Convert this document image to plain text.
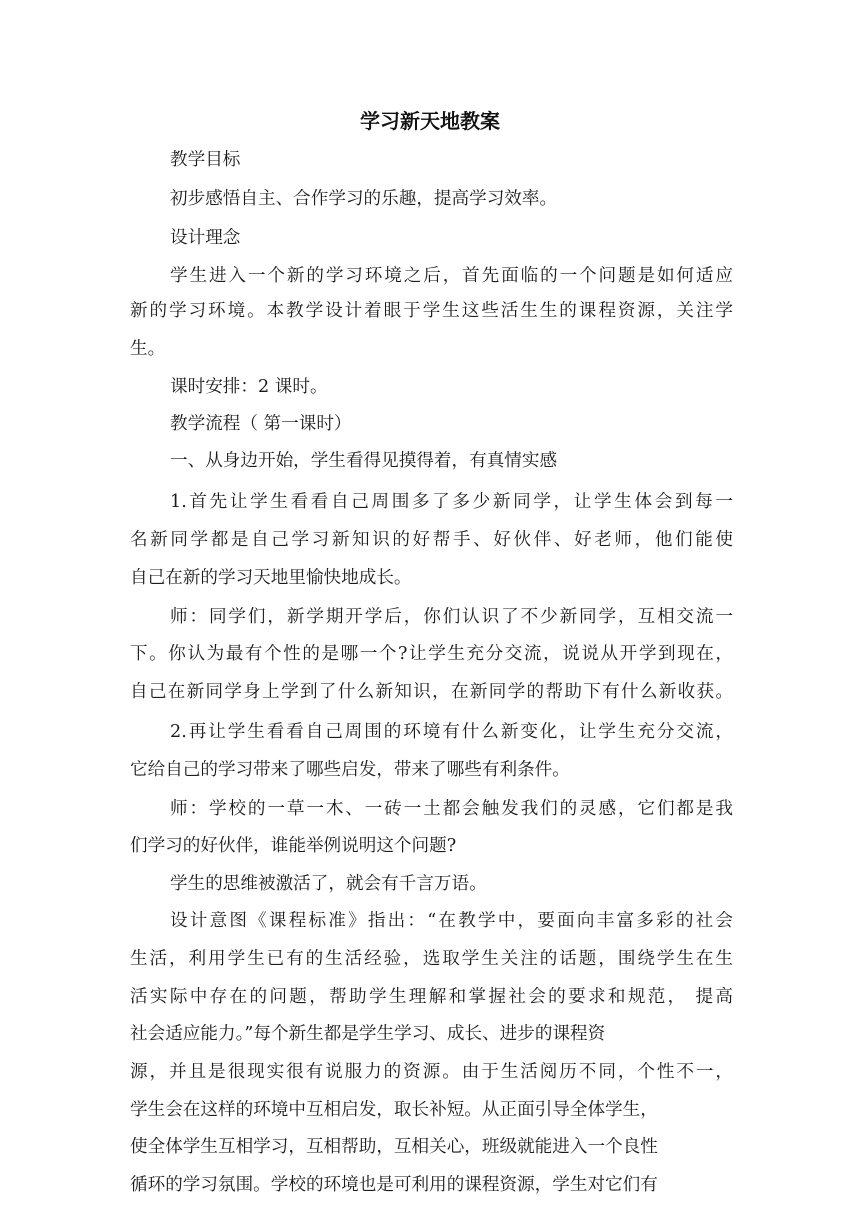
学习新天地教案
教学目标
初步感悟自主、合作学习的乐趣，提高学习效率。
设计理念
学生进入一个新的学习环境之后，首先面临的一个问题是如何适应
新的学习环境。本教学设计着眼于学生这些活生生的课程资源，关注学
生。
课时安排：2 课时。
教学流程（ 第一课时）
一、从身边开始，学生看得见摸得着，有真情实感
1.首先让学生看看自己周围多了多少新同学，让学生体会到每一
名新同学都是自己学习新知识的好帮手、好伙伴、好老师，他们能使
自己在新的学习天地里愉快地成长。
师：同学们，新学期开学后，你们认识了不少新同学，互相交流一
下。你认为最有个性的是哪一个?让学生充分交流，说说从开学到现在，
自己在新同学身上学到了什么新知识，在新同学的帮助下有什么新收获。
2.再让学生看看自己周围的环境有什么新变化，让学生充分交流，
它给自己的学习带来了哪些启发，带来了哪些有利条件。
师：学校的一草一木、一砖一土都会触发我们的灵感，它们都是我
们学习的好伙伴，谁能举例说明这个问题?
学生的思维被激活了，就会有千言万语。
设计意图《课程标准》指出：“在教学中，要面向丰富多彩的社会
生活，利用学生已有的生活经验，选取学生关注的话题，围绕学生在生
活实际中存在的问题，帮助学生理解和掌握社会的要求和规范， 提高
社会适应能力。”每个新生都是学生学习、成长、进步的课程资
源，并且是很现实很有说服力的资源。由于生活阅历不同，个性不一，
学生会在这样的环境中互相启发，取长补短。从正面引导全体学生，
使全体学生互相学习，互相帮助，互相关心，班级就能进入一个良性
循环的学习氛围。学校的环境也是可利用的课程资源，学生对它们有
